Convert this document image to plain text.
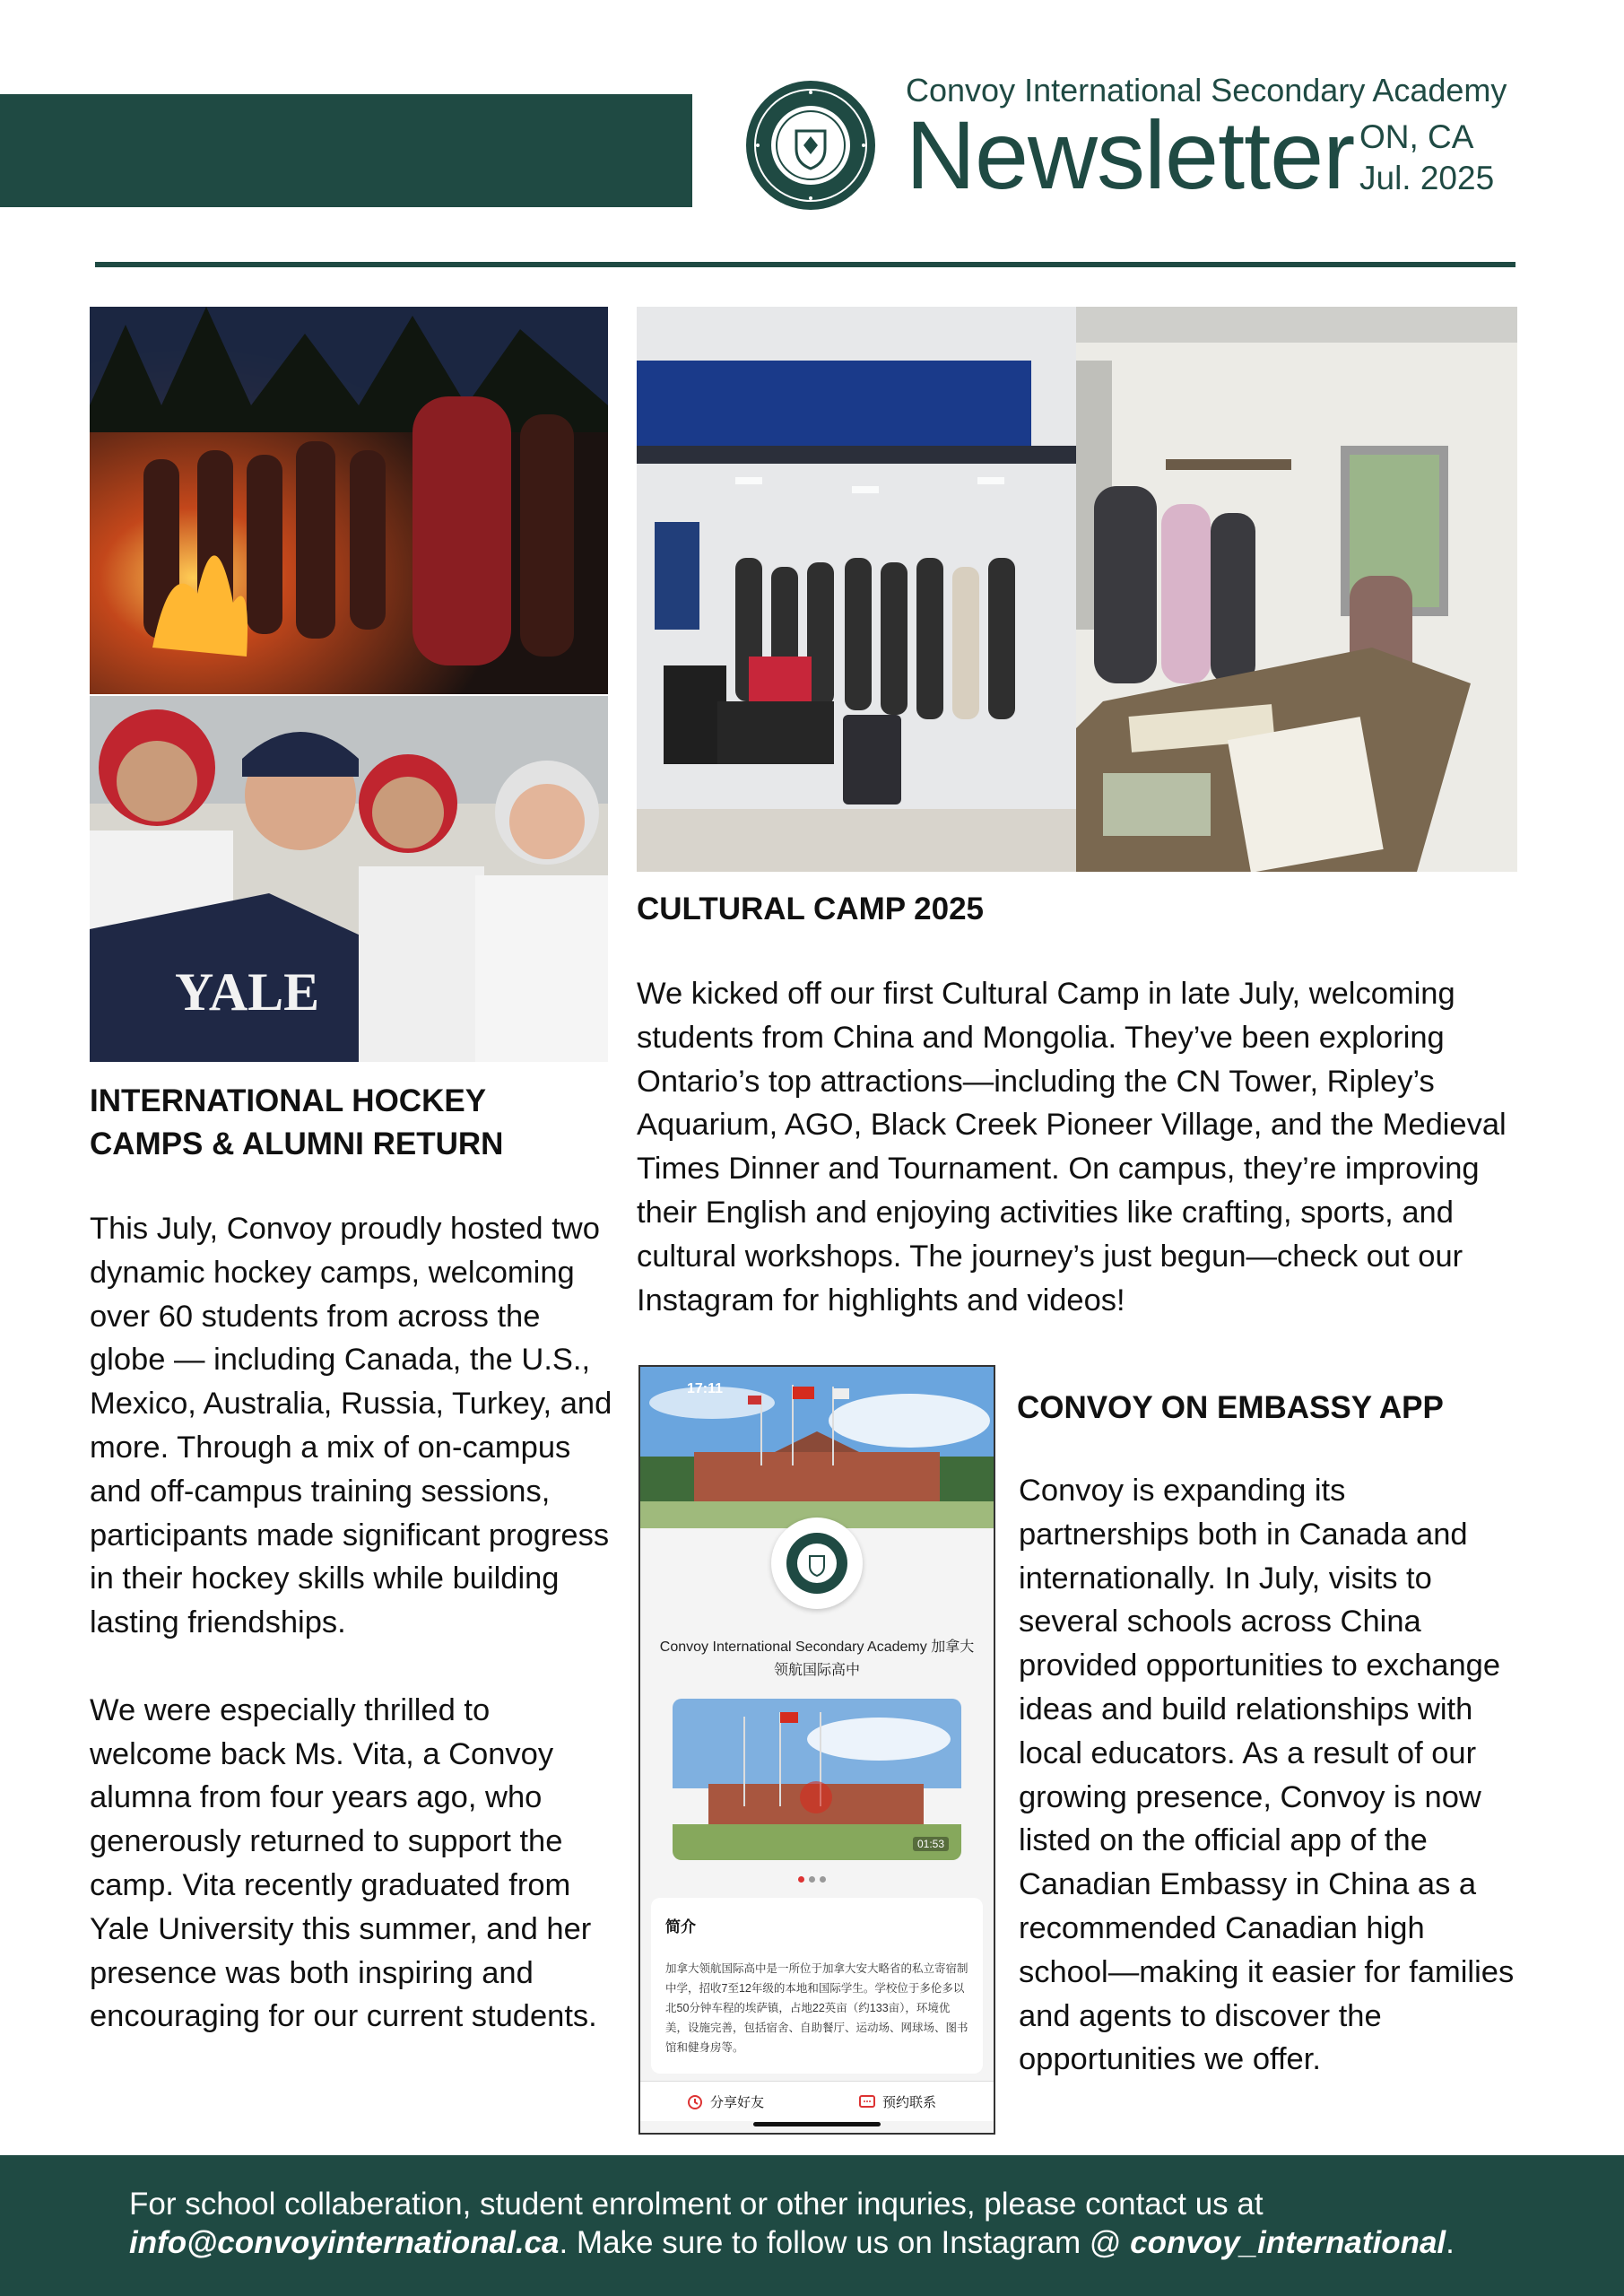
Convoy International Secondary Academy
Newsletter ON, CA
Jul. 2025
YALE
INTERNATIONAL HOCKEY
CAMPS & ALUMNI RETURN

This July, Convoy proudly hosted two dynamic hockey camps, welcoming over 60 students from across the globe — including Canada, the U.S., Mexico, Australia, Russia, Turkey, and more. Through a mix of on-campus and off-campus training sessions, participants made significant progress in their hockey skills while building lasting friendships.

We were especially thrilled to welcome back Ms. Vita, a Convoy alumna from four years ago, who generously returned to support the camp. Vita recently graduated from Yale University this summer, and her presence was both inspiring and encouraging for our current students.

CULTURAL CAMP 2025

We kicked off our first Cultural Camp in late July, welcoming students from China and Mongolia. They’ve been exploring Ontario’s top attractions—including the CN Tower, Ripley’s Aquarium, AGO, Black Creek Pioneer Village, and the Medieval Times Dinner and Tournament. On campus, they’re improving their English and enjoying activities like crafting, sports, and cultural workshops. The journey’s just begun—check out our Instagram for highlights and videos!

17:11
Convoy International Secondary Academy 加拿大领航国际高中
01:53
简介
加拿大领航国际高中是一所位于加拿大安大略省的私立寄宿制中学，招收7至12年级的本地和国际学生。学校位于多伦多以北50分钟车程的埃萨镇，占地22英亩（约133亩），环境优美，设施完善，包括宿舍、自助餐厅、运动场、网球场、图书馆和健身房等。
分享好友	预约联系
CONVOY ON EMBASSY APP

Convoy is expanding its partnerships both in Canada and internationally. In July, visits to several schools across China provided opportunities to exchange ideas and build relationships with local educators. As a result of our growing presence, Convoy is now listed on the official app of the Canadian Embassy in China as a recommended Canadian high school—making it easier for families and agents to discover the opportunities we offer.

For school collaberation, student enrolment or other inquries, please contact us at info@convoyinternational.ca. Make sure to follow us on Instagram @ convoy_international.
